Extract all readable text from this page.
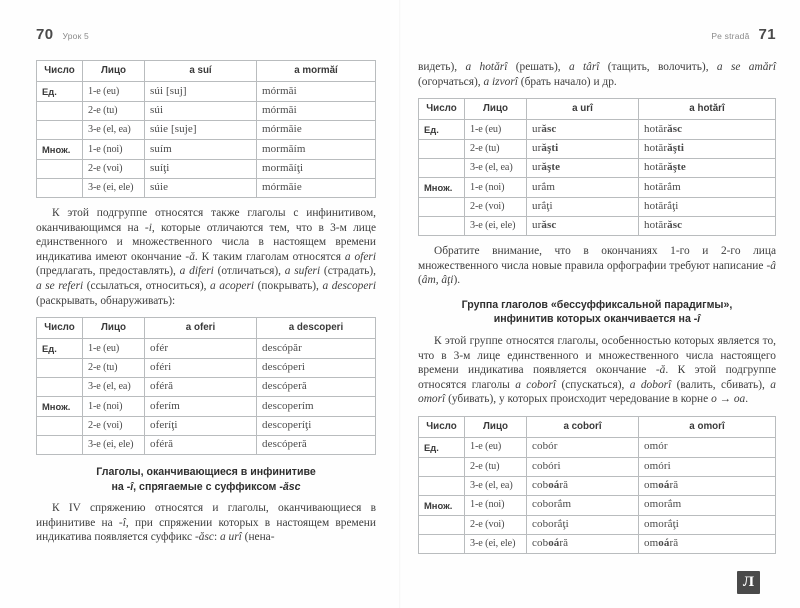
70 Урок 5
Число	Лицо	a suí	a mormăí
Ед.	1-е (eu)	súi [suj]	mórmăi
	2-е (tu)	súi	mórmăi
	3-е (el, ea)	súie [suje]	mórmăie
Множ.	1-е (noi)	suím	mormăím
	2-е (voi)	suíţi	mormăíţi
	3-е (ei, ele)	súie	mórmăie

К этой подгруппе относятся также глаголы с инфинитивом, оканчивающимся на -i, которые отличаются тем, что в 3-м лице единственного и множественного числа в настоящем времени индикатива имеют окончание -ă. К таким глаголам относятся a oferi (предлагать, предоставлять), a diferi (отличаться), a suferi (страдать), a se referi (ссылаться, относиться), a acoperi (покрывать), a descoperi (раскрывать, обнаруживать):

Число	Лицо	a oferi	a descoperi
Ед.	1-е (eu)	ofér	descópăr
	2-е (tu)	oféri	descóperi
	3-е (el, ea)	oféră	descóperă
Множ.	1-е (noi)	oferím	descoperím
	2-е (voi)	oferíţi	descoperíţi
	3-е (ei, ele)	oféră	descóperă
Глаголы, оканчивающиеся в инфинитиве
на -î, спрягаемые с суффиксом -ăsc

К IV спряжению относятся и глаголы, оканчивающиеся в инфинитиве на -î, при спряжении которых в настоящем времени индикатива появляется суффикс -ăsc: a urî (нена-

Pe stradă 71

видеть), a hotărî (решать), a târî (тащить, волочить), a se amărî (огорчаться), a izvorî (брать начало) и др.

Число	Лицо	a urî	a hotărî
Ед.	1-е (eu)	urăsc	hotărăsc
	2-е (tu)	urăşti	hotărăşti
	3-е (el, ea)	urăşte	hotărăşte
Множ.	1-е (noi)	urắm	hotărắm
	2-е (voi)	urắţi	hotărắţi
	3-е (ei, ele)	urăsc	hotărăsc

Обратите внимание, что в окончаниях 1-го и 2-го лица множественного числа новые правила орфографии требуют написание -â (âm, âţi).

Группа глаголов «бессуффиксальной парадигмы»,
инфинитив которых оканчивается на -î

К этой группе относятся глаголы, особенностью которых является то, что в 3-м лице единственного и множественного числа настоящего времени индикатива появляется окончание -ă. К этой подгруппе относятся глаголы a coborî (спускаться), a doborî (валить, сбивать), a omorî (убивать), у которых происходит чередование в корне o → oa.

Число	Лицо	a coborî	a omorî
Ед.	1-е (eu)	cobór	omór
	2-е (tu)	cobóri	omóri
	3-е (el, ea)	coboáră	omoáră
Множ.	1-е (noi)	coborắm	omorắm
	2-е (voi)	coborắţi	omorắţi
	3-е (ei, ele)	coboáră	omoáră
Л
